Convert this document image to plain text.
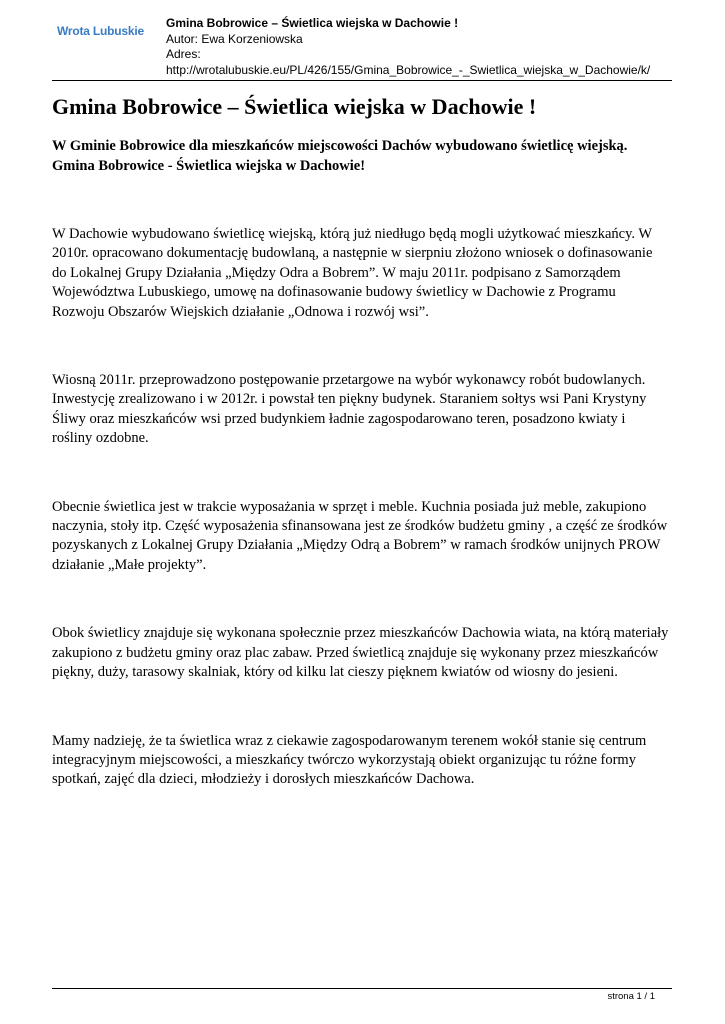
Wrota Lubuskie
Gmina Bobrowice – Świetlica wiejska w Dachowie !
Autor: Ewa Korzeniowska
Adres:
http://wrotalubuskie.eu/PL/426/155/Gmina_Bobrowice_-_Swietlica_wiejska_w_Dachowie/k/
Gmina Bobrowice – Świetlica wiejska w Dachowie !
W Gminie Bobrowice dla mieszkańców miejscowości Dachów wybudowano świetlicę wiejską.
Gmina Bobrowice - Świetlica wiejska w Dachowie!
W Dachowie wybudowano świetlicę wiejską, którą już niedługo będą mogli użytkować mieszkańcy. W
2010r. opracowano dokumentację budowlaną, a następnie w sierpniu złożono wniosek o dofinasowanie
do Lokalnej Grupy Działania „Między Odra a Bobrem”. W maju 2011r. podpisano z Samorządem
Województwa Lubuskiego, umowę na dofinasowanie budowy świetlicy w Dachowie z Programu
Rozwoju Obszarów Wiejskich działanie „Odnowa i rozwój wsi”.
Wiosną 2011r. przeprowadzono postępowanie przetargowe na wybór wykonawcy robót budowlanych.
Inwestycję zrealizowano i w 2012r. i powstał ten piękny budynek. Staraniem sołtys wsi Pani Krystyny
Śliwy oraz mieszkańców wsi przed budynkiem ładnie zagospodarowano teren, posadzono kwiaty i
rośliny ozdobne.
Obecnie świetlica jest w trakcie wyposażania w sprzęt i meble. Kuchnia posiada już meble, zakupiono
naczynia, stoły itp. Część wyposażenia sfinansowana jest ze środków budżetu gminy , a część ze środków
pozyskanych z Lokalnej Grupy Działania „Między Odrą a Bobrem” w ramach środków unijnych PROW
działanie „Małe projekty”.
Obok świetlicy znajduje się wykonana społecznie przez mieszkańców Dachowia wiata, na którą materiały
zakupiono z budżetu gminy oraz plac zabaw. Przed świetlicą znajduje się wykonany przez mieszkańców
piękny, duży, tarasowy skalniak, który od kilku lat cieszy pięknem kwiatów od wiosny do jesieni.
Mamy nadzieję, że ta świetlica wraz z ciekawie zagospodarowanym terenem wokół stanie się centrum
integracyjnym miejscowości, a mieszkańcy twórczo wykorzystają obiekt organizując tu różne formy
spotkań, zajęć dla dzieci, młodzieży i dorosłych mieszkańców Dachowa.
strona 1 / 1
